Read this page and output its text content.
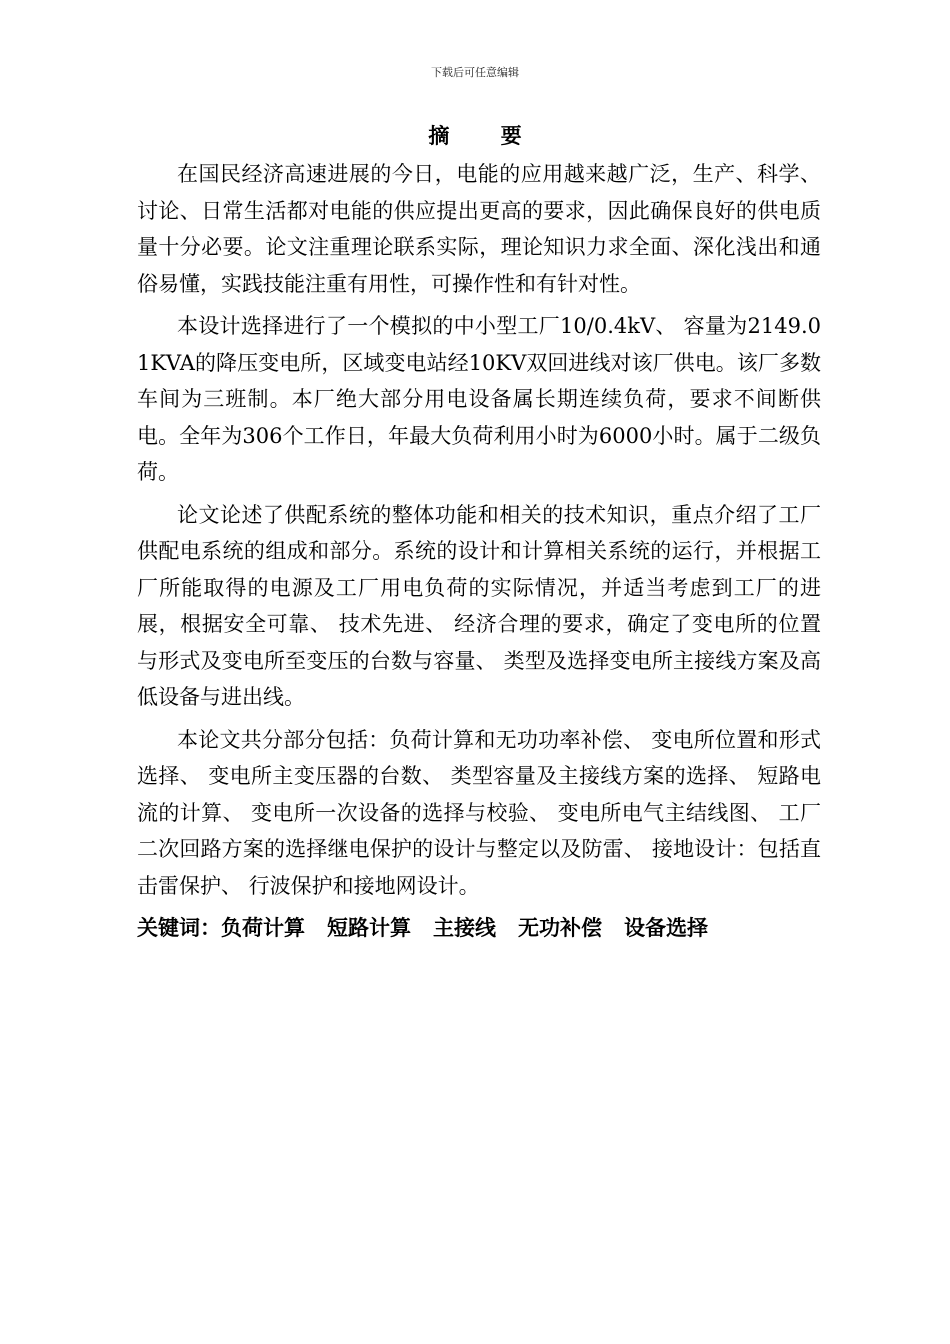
下载后可任意编辑
摘 要

在国民经济高速进展的今日，电能的应用越来越广泛，生产、科学、讨论、日常生活都对电能的供应提出更高的要求，因此确保良好的供电质量十分必要。论文注重理论联系实际，理论知识力求全面、深化浅出和通俗易懂，实践技能注重有用性，可操作性和有针对性。

本设计选择进行了一个模拟的中小型工厂10/0.4kV、 容量为2149.01KVA的降压变电所，区域变电站经10KV双回进线对该厂供电。该厂多数车间为三班制。本厂绝大部分用电设备属长期连续负荷，要求不间断供电。全年为306个工作日，年最大负荷利用小时为6000小时。属于二级负荷。

论文论述了供配系统的整体功能和相关的技术知识，重点介绍了工厂供配电系统的组成和部分。系统的设计和计算相关系统的运行，并根据工厂所能取得的电源及工厂用电负荷的实际情况，并适当考虑到工厂的进展，根据安全可靠、 技术先进、 经济合理的要求，确定了变电所的位置与形式及变电所至变压的台数与容量、 类型及选择变电所主接线方案及高低设备与进出线。

本论文共分部分包括：负荷计算和无功功率补偿、 变电所位置和形式选择、 变电所主变压器的台数、 类型容量及主接线方案的选择、 短路电流的计算、 变电所一次设备的选择与校验、 变电所电气主结线图、 工厂二次回路方案的选择继电保护的设计与整定以及防雷、 接地设计：包括直击雷保护、 行波保护和接地网设计。

关键词：负荷计算 短路计算 主接线 无功补偿 设备选择
